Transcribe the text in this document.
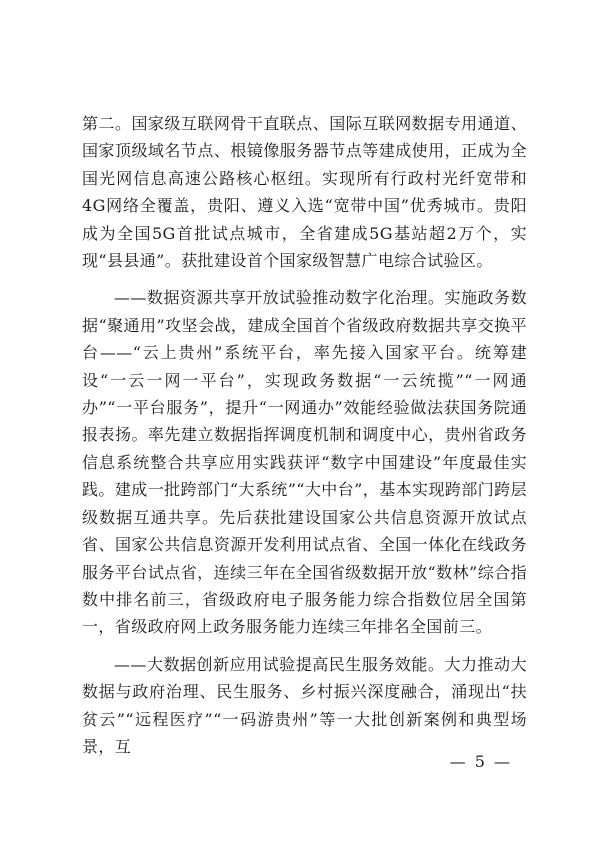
第二。国家级互联网骨干直联点、国际互联网数据专用通道、国家顶级域名节点、根镜像服务器节点等建成使用，正成为全国光网信息高速公路核心枢纽。实现所有行政村光纤宽带和4G网络全覆盖，贵阳、遵义入选“宽带中国”优秀城市。贵阳成为全国5G首批试点城市，全省建成5G基站超2万个，实现“县县通”。获批建设首个国家级智慧广电综合试验区。

——数据资源共享开放试验推动数字化治理。实施政务数据“聚通用”攻坚会战，建成全国首个省级政府数据共享交换平台——“云上贵州”系统平台，率先接入国家平台。统筹建设“一云一网一平台”，实现政务数据“一云统揽”“一网通办”“一平台服务”，提升“一网通办”效能经验做法获国务院通报表扬。率先建立数据指挥调度机制和调度中心，贵州省政务信息系统整合共享应用实践获评“数字中国建设”年度最佳实践。建成一批跨部门“大系统”“大中台”，基本实现跨部门跨层级数据互通共享。先后获批建设国家公共信息资源开放试点省、国家公共信息资源开发利用试点省、全国一体化在线政务服务平台试点省，连续三年在全国省级数据开放“数林”综合指数中排名前三，省级政府电子服务能力综合指数位居全国第一，省级政府网上政务服务能力连续三年排名全国前三。

——大数据创新应用试验提高民生服务效能。大力推动大数据与政府治理、民生服务、乡村振兴深度融合，涌现出“扶贫云”“远程医疗”“一码游贵州”等一大批创新案例和典型场景，互

— 5 —
